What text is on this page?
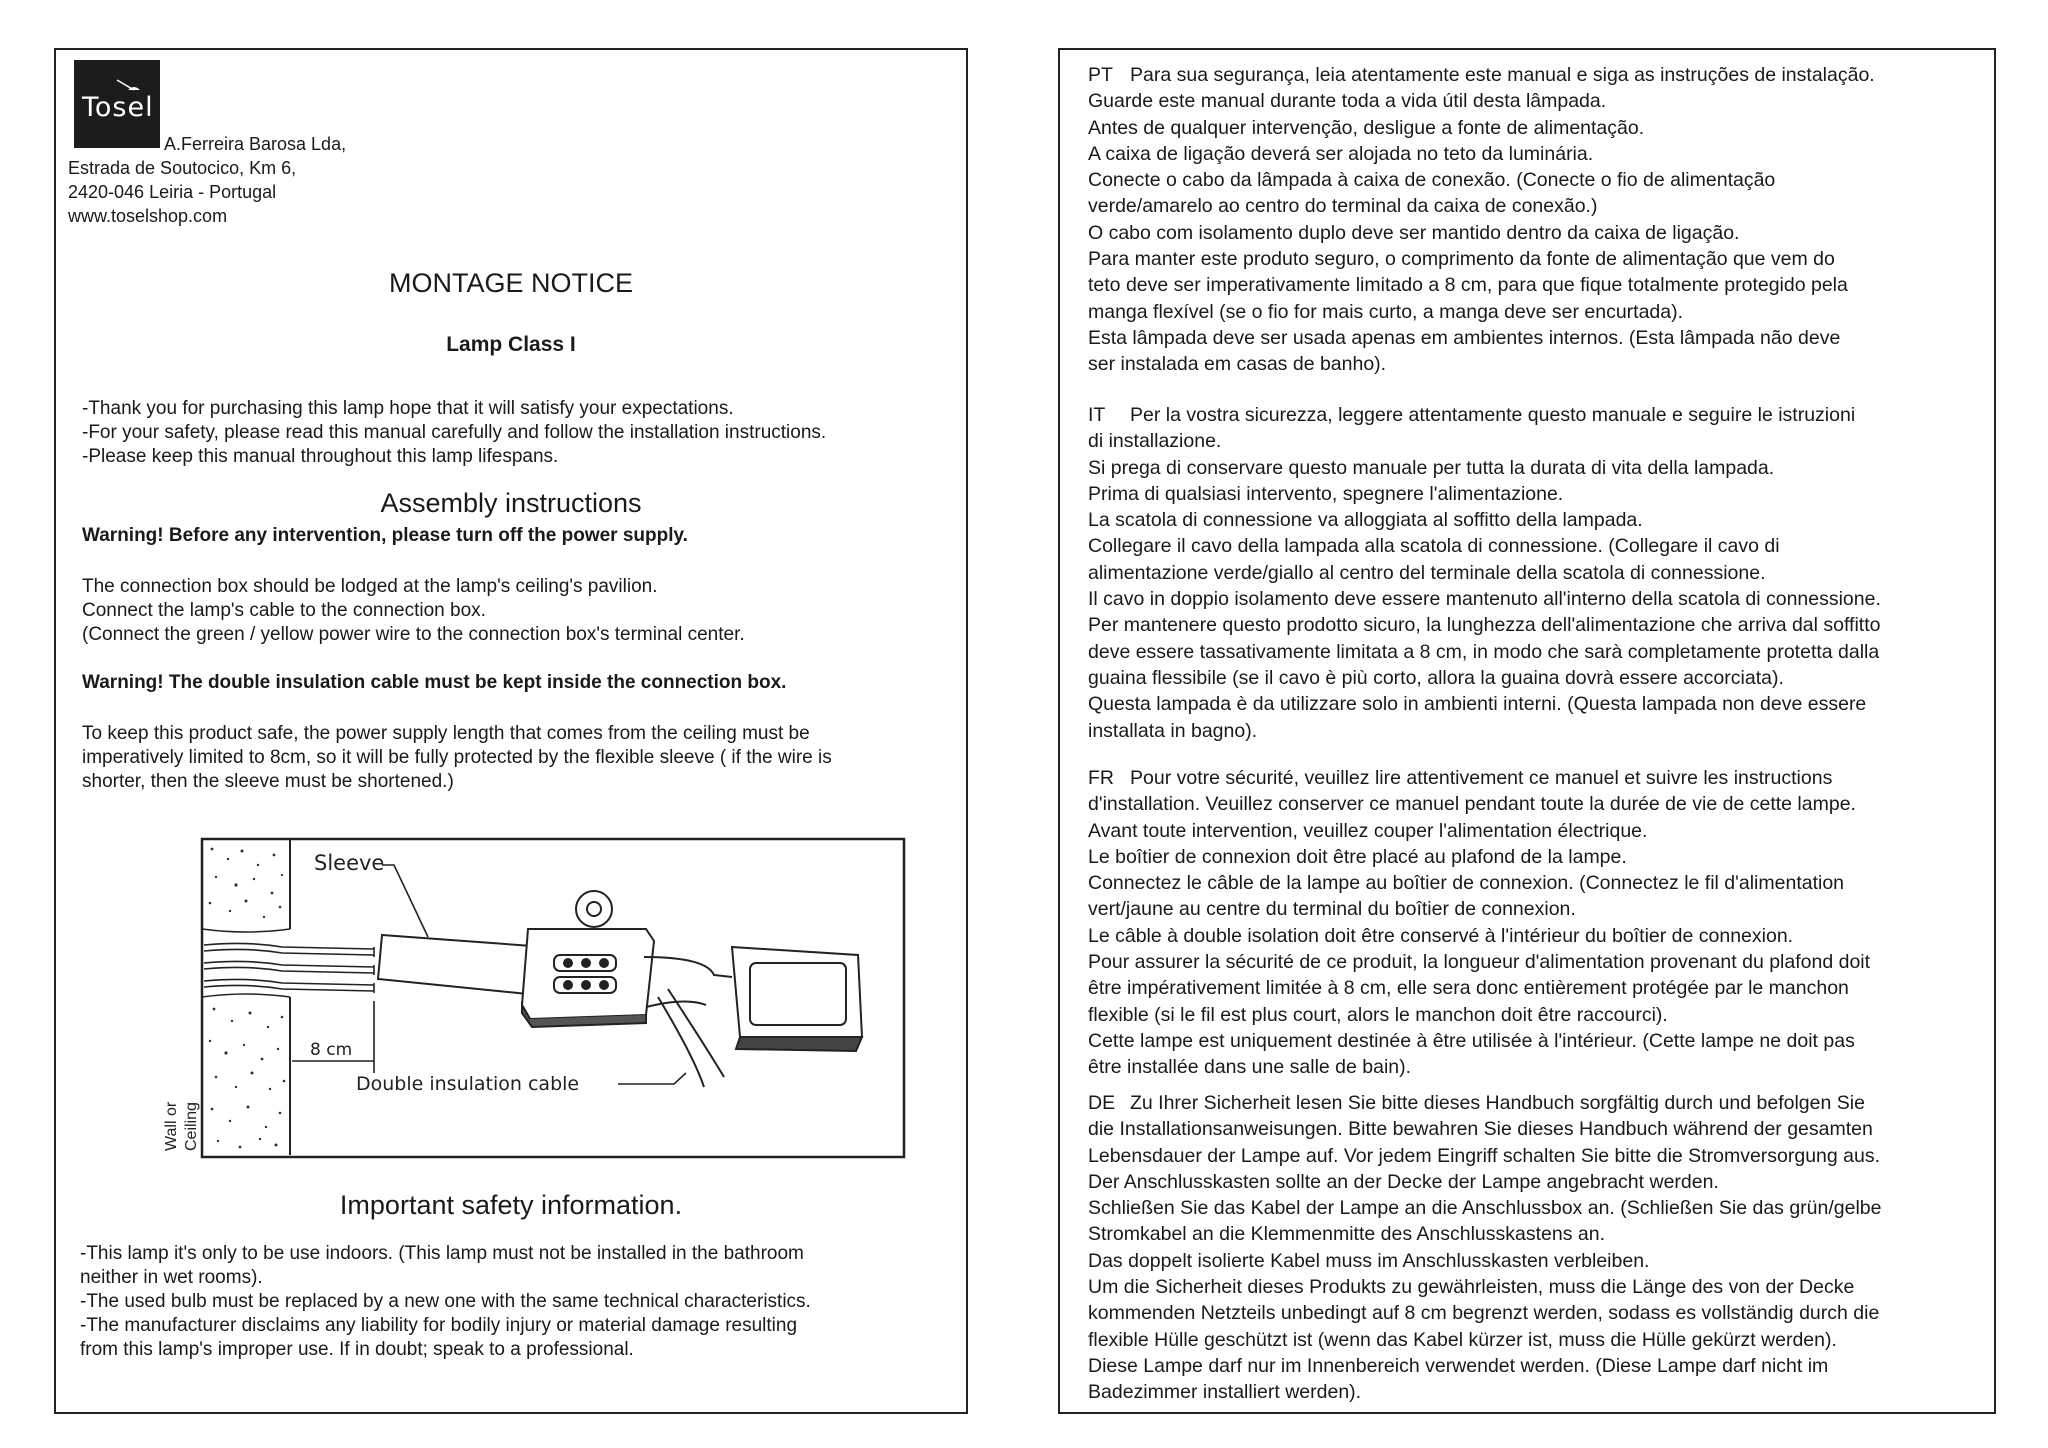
Tosel
A.Ferreira Barosa Lda,
Estrada de Soutocico, Km 6,
2420-046 Leiria - Portugal
www.toselshop.com
MONTAGE NOTICE
Lamp Class I
-Thank you for purchasing this lamp hope that it will satisfy your expectations.
-For your safety, please read this manual carefully and follow the installation instructions.
-Please keep this manual throughout this lamp lifespans.
Assembly instructions
Warning! Before any intervention, please turn off the power supply.
The connection box should be lodged at the lamp's ceiling's pavilion.
Connect the lamp's cable to the connection box.
(Connect the green / yellow power wire to the connection box's terminal center.
Warning! The double insulation cable must be kept inside the connection box.
To keep this product safe, the power supply length that comes from the ceiling must be
imperatively limited to 8cm, so it will be fully protected by the flexible sleeve ( if the wire is
shorter, then the sleeve must be shortened.)
Sleeve
8 cm
Double insulation cable
Wall or Ceiling
Important safety information.
-This lamp it's only to be use indoors. (This lamp must not be installed in the bathroom
neither in wet rooms).
-The used bulb must be replaced by a new one with the same technical characteristics.
-The manufacturer disclaims any liability for bodily injury or material damage resulting
from this lamp's improper use. If in doubt; speak to a professional.
PT Para sua segurança, leia atentamente este manual e siga as instruções de instalação.
Guarde este manual durante toda a vida útil desta lâmpada.
Antes de qualquer intervenção, desligue a fonte de alimentação.
A caixa de ligação deverá ser alojada no teto da luminária.
Conecte o cabo da lâmpada à caixa de conexão. (Conecte o fio de alimentação
verde/amarelo ao centro do terminal da caixa de conexão.)
O cabo com isolamento duplo deve ser mantido dentro da caixa de ligação.
Para manter este produto seguro, o comprimento da fonte de alimentação que vem do
teto deve ser imperativamente limitado a 8 cm, para que fique totalmente protegido pela
manga flexível (se o fio for mais curto, a manga deve ser encurtada).
Esta lâmpada deve ser usada apenas em ambientes internos. (Esta lâmpada não deve
ser instalada em casas de banho).
IT Per la vostra sicurezza, leggere attentamente questo manuale e seguire le istruzioni
di installazione.
Si prega di conservare questo manuale per tutta la durata di vita della lampada.
Prima di qualsiasi intervento, spegnere l'alimentazione.
La scatola di connessione va alloggiata al soffitto della lampada.
Collegare il cavo della lampada alla scatola di connessione. (Collegare il cavo di
alimentazione verde/giallo al centro del terminale della scatola di connessione.
Il cavo in doppio isolamento deve essere mantenuto all'interno della scatola di connessione.
Per mantenere questo prodotto sicuro, la lunghezza dell'alimentazione che arriva dal soffitto
deve essere tassativamente limitata a 8 cm, in modo che sarà completamente protetta dalla
guaina flessibile (se il cavo è più corto, allora la guaina dovrà essere accorciata).
Questa lampada è da utilizzare solo in ambienti interni. (Questa lampada non deve essere
installata in bagno).
FR Pour votre sécurité, veuillez lire attentivement ce manuel et suivre les instructions
d'installation. Veuillez conserver ce manuel pendant toute la durée de vie de cette lampe.
Avant toute intervention, veuillez couper l'alimentation électrique.
Le boîtier de connexion doit être placé au plafond de la lampe.
Connectez le câble de la lampe au boîtier de connexion. (Connectez le fil d'alimentation
vert/jaune au centre du terminal du boîtier de connexion.
Le câble à double isolation doit être conservé à l'intérieur du boîtier de connexion.
Pour assurer la sécurité de ce produit, la longueur d'alimentation provenant du plafond doit
être impérativement limitée à 8 cm, elle sera donc entièrement protégée par le manchon
flexible (si le fil est plus court, alors le manchon doit être raccourci).
Cette lampe est uniquement destinée à être utilisée à l'intérieur. (Cette lampe ne doit pas
être installée dans une salle de bain).
DE Zu Ihrer Sicherheit lesen Sie bitte dieses Handbuch sorgfältig durch und befolgen Sie
die Installationsanweisungen. Bitte bewahren Sie dieses Handbuch während der gesamten
Lebensdauer der Lampe auf. Vor jedem Eingriff schalten Sie bitte die Stromversorgung aus.
Der Anschlusskasten sollte an der Decke der Lampe angebracht werden.
Schließen Sie das Kabel der Lampe an die Anschlussbox an. (Schließen Sie das grün/gelbe
Stromkabel an die Klemmenmitte des Anschlusskastens an.
Das doppelt isolierte Kabel muss im Anschlusskasten verbleiben.
Um die Sicherheit dieses Produkts zu gewährleisten, muss die Länge des von der Decke
kommenden Netzteils unbedingt auf 8 cm begrenzt werden, sodass es vollständig durch die
flexible Hülle geschützt ist (wenn das Kabel kürzer ist, muss die Hülle gekürzt werden).
Diese Lampe darf nur im Innenbereich verwendet werden. (Diese Lampe darf nicht im
Badezimmer installiert werden).
